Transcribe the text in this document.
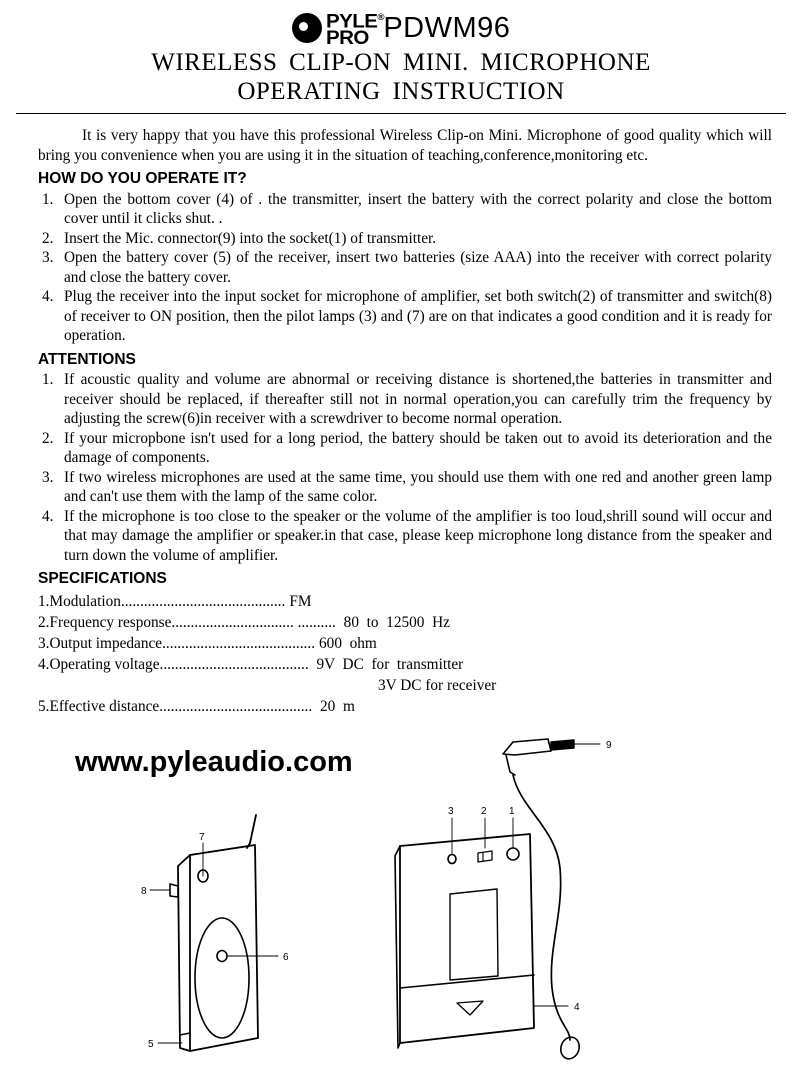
PYLE®
PRO PDWM96
WIRELESS CLIP-ON MINI. MICROPHONE
OPERATING INSTRUCTION

It is very happy that you have this professional Wireless Clip-on Mini. Microphone of good quality which will bring you convenience when you are using it in the situation of teaching,conference,monitoring etc.

HOW DO YOU OPERATE IT?
1. Open the bottom cover (4) of . the transmitter, insert the battery with the correct polarity and close the bottom cover until it clicks shut. .
2. Insert the Mic. connector(9) into the socket(1) of transmitter.
3. Open the battery cover (5) of the receiver, insert two batteries (size AAA) into the receiver with correct polarity and close the battery cover.
4. Plug the receiver into the input socket for microphone of amplifier, set both switch(2) of transmitter and switch(8) of receiver to ON position, then the pilot lamps (3) and (7) are on that indicates a good condition and it is ready for operation.
ATTENTIONS
1. If acoustic quality and volume are abnormal or receiving distance is shortened,the batteries in transmitter and receiver should be replaced, if thereafter still not in normal operation,you can carefully trim the frequency by adjusting the screw(6)in receiver with a screwdriver to become normal operation.
2. If your micropbone isn't used for a long period, the battery should be taken out to avoid its deterioration and the damage of components.
3. If two wireless microphones are used at the same time, you should use them with one red and another green lamp and can't use them with the lamp of the same color.
4. If the microphone is too close to the speaker or the volume of the amplifier is too loud,shrill sound will occur and that may damage the amplifier or speaker.in that case, please keep microphone long distance from the speaker and turn down the volume of amplifier.
SPECIFICATIONS
1. Modulation ........................................... FM
2. Frequency response ................................ .......... 80  to  12500  Hz
3. Output impedance ........................................ 600  ohm
4. Operating voltage ....................................... 9V  DC  for  transmitter
3V DC for receiver
5. Effective distance ........................................ 20  m
www.pyleaudio.com
7
8
6
5
3	2 1
4
9
